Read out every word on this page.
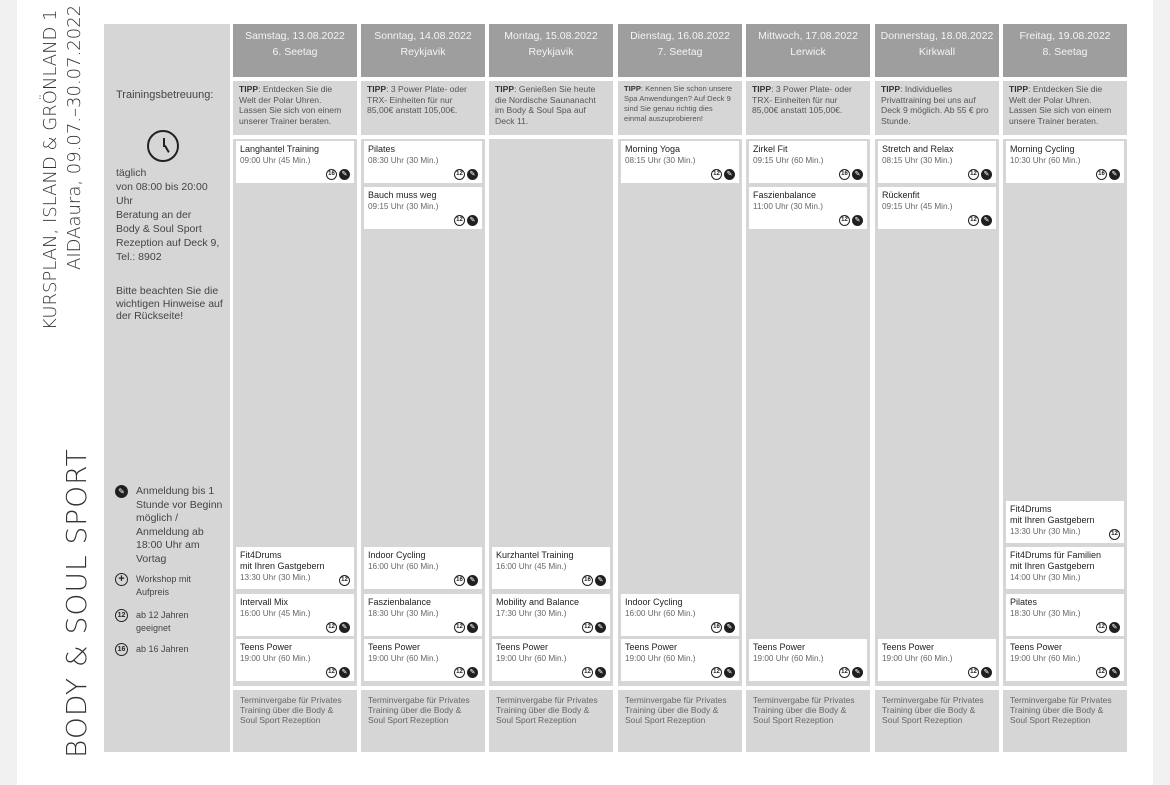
KURSPLAN, ISLAND & GRÖNLAND 1 AIDAaura, 09.07.–30.07.2022
BODY & SOUL SPORT
Trainingsbetreuung:
täglich
von 08:00 bis 20:00
Uhr
Beratung an der
Body & Soul Sport
Rezeption auf Deck 9,
Tel.: 8902
Bitte beachten Sie die wichtigen Hinweise auf der Rückseite!
✎	Anmeldung bis 1 Stunde vor Beginn möglich / Anmeldung ab 18:00 Uhr am Vortag
+	Workshop mit Aufpreis
12 ab 12 Jahren geeignet
16 ab 16 Jahren
Samstag, 13.08.2022
6. Seetag
TIPP: Entdecken Sie die Welt der Polar Uhren. Lassen Sie sich von einem unserer Trainer beraten.
Langhantel Training
09:00 Uhr (45 Min.)
16 ✎
Fit4Drums
mit Ihren Gastgebern
13:30 Uhr (30 Min.)	12
Intervall Mix
16:00 Uhr (45 Min.)
12 ✎
Teens Power
19:00 Uhr (60 Min.)
12 ✎
Terminvergabe für Privates Training über die Body & Soul Sport Rezeption
Sonntag, 14.08.2022
Reykjavik
TIPP: 3 Power Plate- oder TRX- Einheiten für nur 85,00€ anstatt 105,00€.
Pilates
08:30 Uhr (30 Min.)
12 ✎
Bauch muss weg
09:15 Uhr (30 Min.)
12 ✎
Indoor Cycling
16:00 Uhr (60 Min.)
16 ✎
Faszienbalance
18:30 Uhr (30 Min.)
12 ✎
Teens Power
19:00 Uhr (60 Min.)
12 ✎
Terminvergabe für Privates Training über die Body & Soul Sport Rezeption
Montag, 15.08.2022
Reykjavik
TIPP: Genießen Sie heute die Nordische Saunanacht im Body & Soul Spa auf Deck 11.
Kurzhantel Training
16:00 Uhr (45 Min.)
16 ✎
Mobility and Balance
17:30 Uhr (30 Min.)
12 ✎
Teens Power
19:00 Uhr (60 Min.)
12 ✎
Terminvergabe für Privates Training über die Body & Soul Sport Rezeption
Dienstag, 16.08.2022
7. Seetag
TIPP: Kennen Sie schon unsere Spa Anwendungen? Auf Deck 9 sind Sie genau richtig dies einmal auszuprobieren!
Morning Yoga
08:15 Uhr (30 Min.)
12 ✎
Indoor Cycling
16:00 Uhr (60 Min.)
16 ✎
Teens Power
19:00 Uhr (60 Min.)
12 ✎
Terminvergabe für Privates Training über die Body & Soul Sport Rezeption
Mittwoch, 17.08.2022
Lerwick
TIPP: 3 Power Plate- oder TRX- Einheiten für nur 85,00€ anstatt 105,00€.
Zirkel Fit
09:15 Uhr (60 Min.)
16 ✎
Faszienbalance
11:00 Uhr (30 Min.)
12 ✎
Teens Power
19:00 Uhr (60 Min.)
12 ✎
Terminvergabe für Privates Training über die Body & Soul Sport Rezeption
Donnerstag, 18.08.2022
Kirkwall
TIPP: Individuelles Privattraining bei uns auf Deck 9 möglich. Ab 55 € pro Stunde.
Stretch and Relax
08:15 Uhr (30 Min.)
12 ✎
Rückenfit
09:15 Uhr (45 Min.)
12 ✎
Teens Power
19:00 Uhr (60 Min.)
12 ✎
Terminvergabe für Privates Training über die Body & Soul Sport Rezeption
Freitag, 19.08.2022
8. Seetag
TIPP: Entdecken Sie die Welt der Polar Uhren. Lassen Sie sich von einem unsere Trainer beraten.
Morning Cycling
10:30 Uhr (60 Min.)
16 ✎
Fit4Drums
mit Ihren Gastgebern
13:30 Uhr (30 Min.)	12
Fit4Drums für Familien
mit Ihren Gastgebern
14:00 Uhr (30 Min.)
Pilates
18:30 Uhr (30 Min.)
12 ✎
Teens Power
19:00 Uhr (60 Min.)
12 ✎
Terminvergabe für Privates Training über die Body & Soul Sport Rezeption
